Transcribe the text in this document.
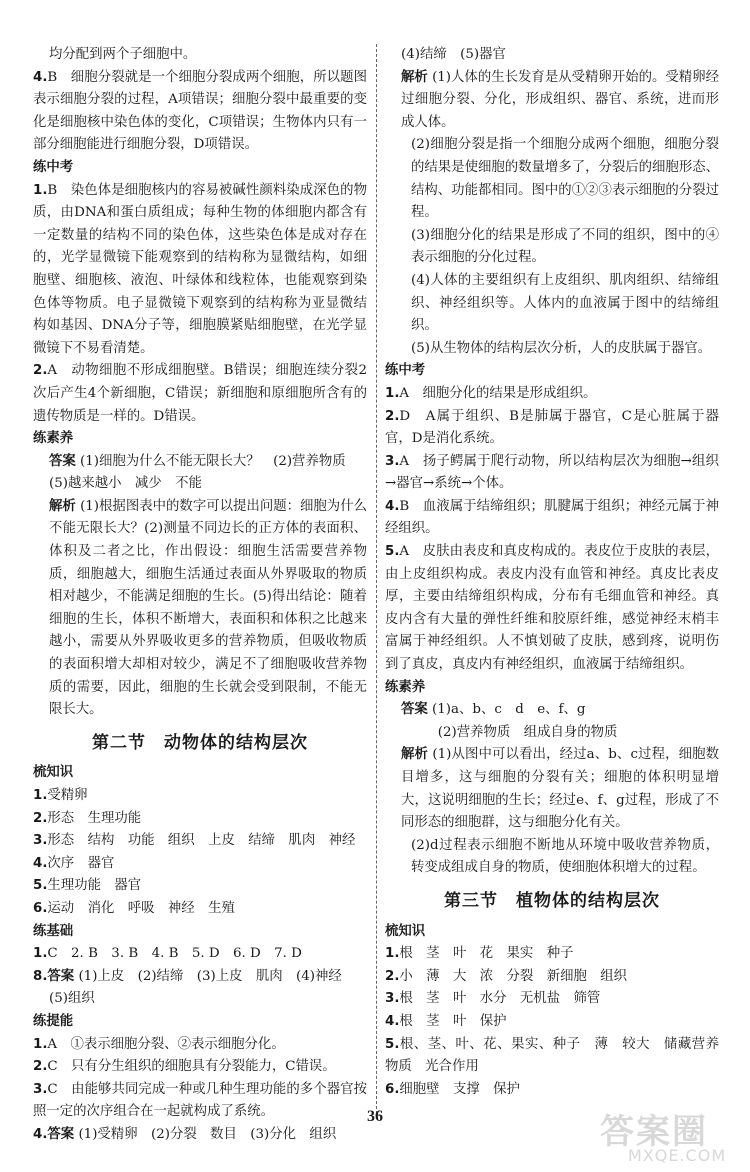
均分配到两个子细胞中。

4.B　细胞分裂就是一个细胞分裂成两个细胞，所以题图表示细胞分裂的过程，A项错误；细胞分裂中最重要的变化是细胞核中染色体的变化，C项错误；生物体内只有一部分细胞能进行细胞分裂，D项错误。

练中考

1.B　染色体是细胞核内的容易被碱性颜料染成深色的物质，由DNA和蛋白质组成；每种生物的体细胞内都含有一定数量的结构不同的染色体，这些染色体是成对存在的，光学显微镜下能观察到的结构称为显微结构，如细胞壁、细胞核、液泡、叶绿体和线粒体，也能观察到染色体等物质。电子显微镜下观察到的结构称为亚显微结构如基因、DNA分子等，细胞膜紧贴细胞壁，在光学显微镜下不易看清楚。

2.A　动物细胞不形成细胞壁。B错误；细胞连续分裂2次后产生4个新细胞，C错误；新细胞和原细胞所含有的遗传物质是一样的。D错误。

练素养

答案 (1)细胞为什么不能无限长大？　(2)营养物质

(5)越来越小　减少　不能

解析 (1)根据图表中的数字可以提出问题：细胞为什么不能无限长大？(2)测量不同边长的正方体的表面积、体积及二者之比，作出假设：细胞生活需要营养物质，细胞越大，细胞生活通过表面从外界吸取的物质相对越少，不能满足细胞的生长。(5)得出结论：随着细胞的生长，体积不断增大，表面积和体积之比越来越小，需要从外界吸收更多的营养物质，但吸收物质的表面积增大却相对较少，满足不了细胞吸收营养物质的需要，因此，细胞的生长就会受到限制，不能无限长大。

第二节　动物体的结构层次

梳知识

1.受精卵

2.形态　生理功能

3.形态　结构　功能　组织　上皮　结缔　肌肉　神经

4.次序　器官

5.生理功能　器官

6.运动　消化　呼吸　神经　生殖

练基础

1.C　2. B　3. B　4. B　5. D　6. D　7. D

8.答案 (1)上皮　(2)结缔　(3)上皮　肌肉　(4)神经

(5)组织

练提能

1.A　①表示细胞分裂、②表示细胞分化。

2.C　只有分生组织的细胞具有分裂能力，C错误。

3.C　由能够共同完成一种或几种生理功能的多个器官按照一定的次序组合在一起就构成了系统。

4.答案 (1)受精卵　(2)分裂　数目　(3)分化　组织

(4)结缔　(5)器官

解析 (1)人体的生长发育是从受精卵开始的。受精卵经过细胞分裂、分化，形成组织、器官、系统，进而形成人体。

(2)细胞分裂是指一个细胞分成两个细胞，细胞分裂的结果是使细胞的数量增多了，分裂后的细胞形态、结构、功能都相同。图中的①②③表示细胞的分裂过程。

(3)细胞分化的结果是形成了不同的组织，图中的④表示细胞的分化过程。

(4)人体的主要组织有上皮组织、肌肉组织、结缔组织、神经组织等。人体内的血液属于图中的结缔组织。

(5)从生物体的结构层次分析，人的皮肤属于器官。

练中考

1.A　细胞分化的结果是形成组织。

2.D　A属于组织、B是肺属于器官，C是心脏属于器官，D是消化系统。

3.A　扬子鳄属于爬行动物，所以结构层次为细胞→组织→器官→系统→个体。

4.B　血液属于结缔组织；肌腱属于组织；神经元属于神经组织。

5.A　皮肤由表皮和真皮构成的。表皮位于皮肤的表层，由上皮组织构成。表皮内没有血管和神经。真皮比表皮厚，主要由结缔组织构成，分布有毛细血管和神经。真皮内含有大量的弹性纤维和胶原纤维，感觉神经末梢丰富属于神经组织。人不慎划破了皮肤，感到疼，说明伤到了真皮，真皮内有神经组织，血液属于结缔组织。

练素养

答案 (1)a、b、c　d　e、f、g

　　(2)营养物质　组成自身的物质

解析 (1)从图中可以看出，经过a、b、c过程，细胞数目增多，这与细胞的分裂有关；细胞的体积明显增大，这说明细胞的生长；经过e、f、g过程，形成了不同形态的细胞群，这与细胞分化有关。

(2)d过程表示细胞不断地从环境中吸收营养物质，转变成组成自身的物质，使细胞体积增大的过程。

第三节　植物体的结构层次

梳知识

1.根　茎　叶　花　果实　种子

2.小　薄　大　浓　分裂　新细胞　组织

3.根　茎　叶　水分　无机盐　筛管

4.根　茎　叶　保护

5.根、茎、叶、花、果实、种子　薄　较大　储藏营养物质　光合作用

6.细胞壁　支撑　保护

36	答案圈
MXQE.COM
